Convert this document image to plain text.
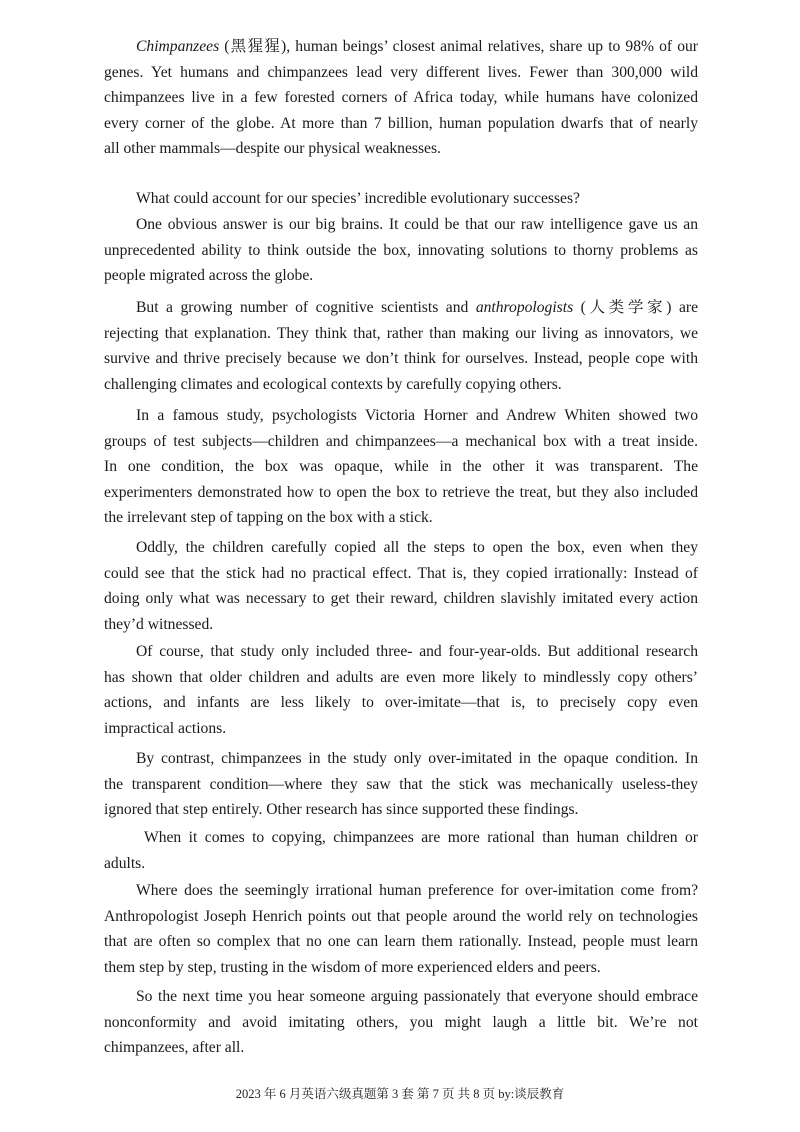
Chimpanzees (黑猩猩), human beings’ closest animal relatives, share up to 98% of our
genes. Yet humans and chimpanzees lead very different lives. Fewer than 300,000 wild
chimpanzees live in a few forested corners of Africa today, while humans have colonized
every corner of the globe. At more than 7 billion, human population dwarfs that of nearly
all other mammals—despite our physical weaknesses.
What could account for our species’ incredible evolutionary successes?
One obvious answer is our big brains. It could be that our raw intelligence gave us an
unprecedented ability to think outside the box, innovating solutions to thorny problems as
people migrated across the globe.
But a growing number of cognitive scientists and anthropologists (人类学家) are
rejecting that explanation. They think that, rather than making our living as innovators, we
survive and thrive precisely because we don’t think for ourselves. Instead, people cope with
challenging climates and ecological contexts by carefully copying others.
In a famous study, psychologists Victoria Horner and Andrew Whiten showed two
groups of test subjects—children and chimpanzees—a mechanical box with a treat inside.
In one condition, the box was opaque, while in the other it was transparent. The
experimenters demonstrated how to open the box to retrieve the treat, but they also included
the irrelevant step of tapping on the box with a stick.
Oddly, the children carefully copied all the steps to open the box, even when they
could see that the stick had no practical effect. That is, they copied irrationally: Instead of
doing only what was necessary to get their reward, children slavishly imitated every action
they’d witnessed.
Of course, that study only included three- and four-year-olds. But additional research
has shown that older children and adults are even more likely to mindlessly copy others’
actions, and infants are less likely to over-imitate—that is, to precisely copy even
impractical actions.
By contrast, chimpanzees in the study only over-imitated in the opaque condition. In
the transparent condition—where they saw that the stick was mechanically useless-they
ignored that step entirely. Other research has since supported these findings.
When it comes to copying, chimpanzees are more rational than human children or
adults.
Where does the seemingly irrational human preference for over-imitation come from?
Anthropologist Joseph Henrich points out that people around the world rely on technologies
that are often so complex that no one can learn them rationally. Instead, people must learn
them step by step, trusting in the wisdom of more experienced elders and peers.
So the next time you hear someone arguing passionately that everyone should embrace
nonconformity and avoid imitating others, you might laugh a little bit. We’re not
chimpanzees, after all.
2023 年 6 月英语六级真题第 3 套 第 7 页 共 8 页 by:谈辰教育
